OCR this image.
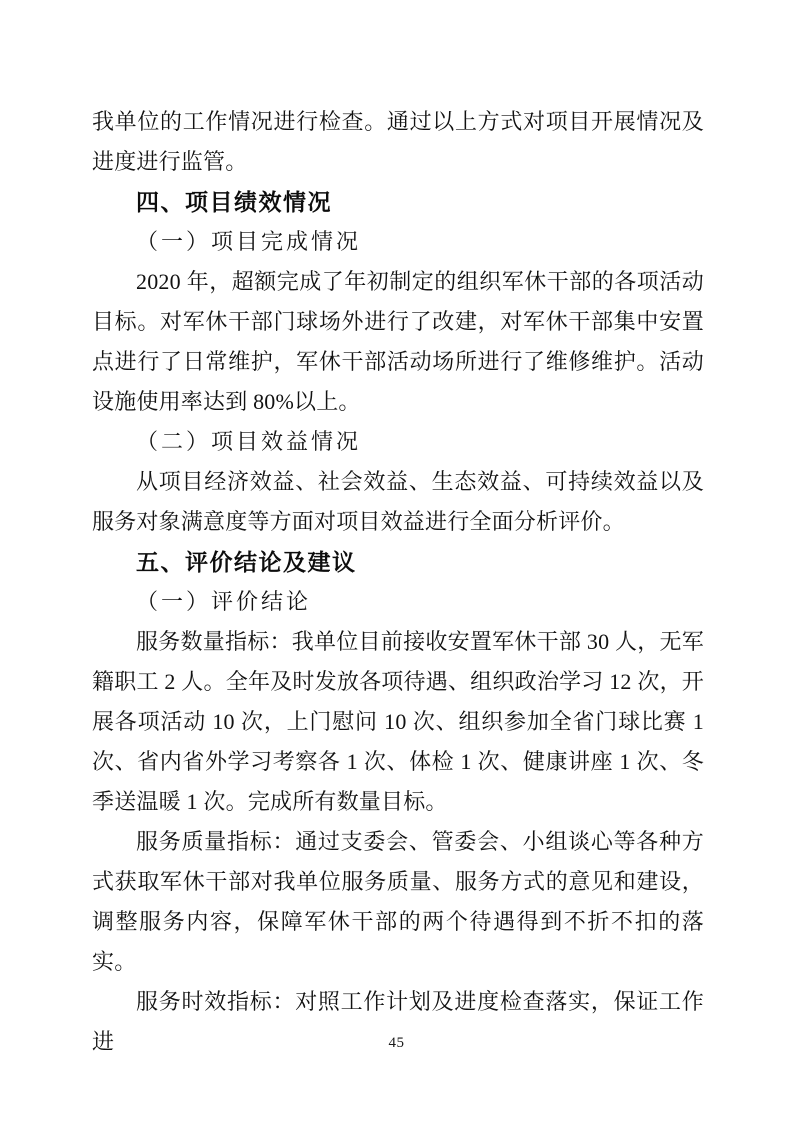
我单位的工作情况进行检查。通过以上方式对项目开展情况及进度进行监管。

四、项目绩效情况
（一）项目完成情况

2020 年，超额完成了年初制定的组织军休干部的各项活动目标。对军休干部门球场外进行了改建，对军休干部集中安置点进行了日常维护，军休干部活动场所进行了维修维护。活动设施使用率达到 80%以上。

（二）项目效益情况

从项目经济效益、社会效益、生态效益、可持续效益以及服务对象满意度等方面对项目效益进行全面分析评价。

五、评价结论及建议
（一）评价结论

服务数量指标：我单位目前接收安置军休干部 30 人，无军籍职工 2 人。全年及时发放各项待遇、组织政治学习 12 次，开展各项活动 10 次，上门慰问 10 次、组织参加全省门球比赛 1 次、省内省外学习考察各 1 次、体检 1 次、健康讲座 1 次、冬季送温暖 1 次。完成所有数量目标。

服务质量指标：通过支委会、管委会、小组谈心等各种方式获取军休干部对我单位服务质量、服务方式的意见和建设，调整服务内容，保障军休干部的两个待遇得到不折不扣的落实。

服务时效指标：对照工作计划及进度检查落实，保证工作进	45
